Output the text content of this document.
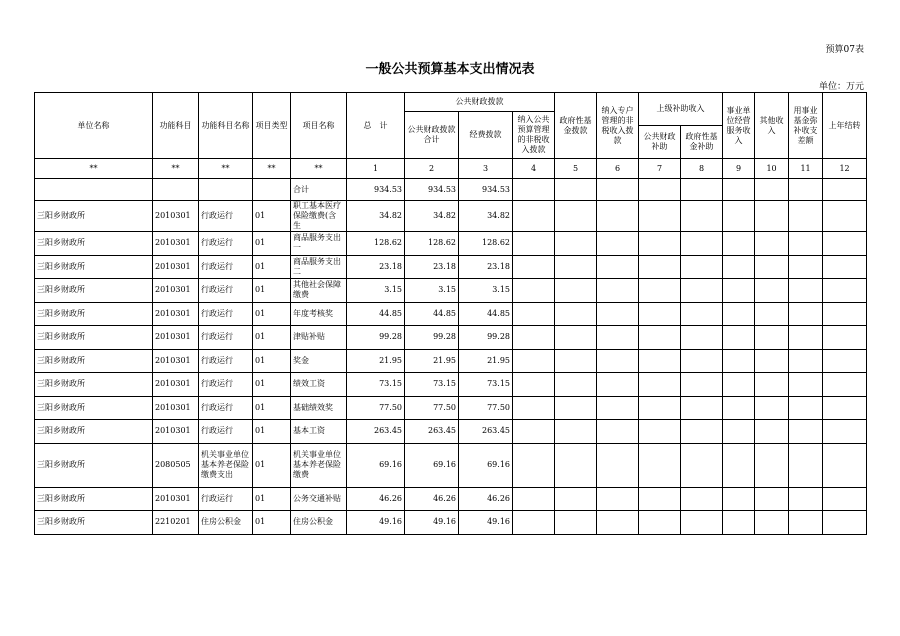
预算07表
一般公共预算基本支出情况表
单位：万元
单位名称	功能科目	功能科目名称	项目类型	项目名称	总　计	公共财政拨款			政府性基金拨款	纳入专户管理的非税收入拨款	上级补助收入		事业单位经营服务收入	其他收入	用事业基金弥补收支差额	上年结转
						公共财政拨款合计	经费拨款	纳入公共预算管理的非税收入拨款								
											公共财政补助	政府性基金补助				
**	**	**	**	**	1	2	3	4	5	6	7	8	9	10	11	12
				合计	934.53	934.53	934.53									
三阳乡财政所	2010301	行政运行	01	职工基本医疗保险缴费(含生	34.82	34.82	34.82									
三阳乡财政所	2010301	行政运行	01	商品服务支出一	128.62	128.62	128.62									
三阳乡财政所	2010301	行政运行	01	商品服务支出二	23.18	23.18	23.18									
三阳乡财政所	2010301	行政运行	01	其他社会保障缴费	3.15	3.15	3.15									
三阳乡财政所	2010301	行政运行	01	年度考核奖	44.85	44.85	44.85									
三阳乡财政所	2010301	行政运行	01	津贴补贴	99.28	99.28	99.28									
三阳乡财政所	2010301	行政运行	01	奖金	21.95	21.95	21.95									
三阳乡财政所	2010301	行政运行	01	绩效工资	73.15	73.15	73.15									
三阳乡财政所	2010301	行政运行	01	基础绩效奖	77.50	77.50	77.50									
三阳乡财政所	2010301	行政运行	01	基本工资	263.45	263.45	263.45									
三阳乡财政所	2080505	机关事业单位基本养老保险缴费支出	01	机关事业单位基本养老保险缴费	69.16	69.16	69.16									
三阳乡财政所	2010301	行政运行	01	公务交通补贴	46.26	46.26	46.26									
三阳乡财政所	2210201	住房公积金	01	住房公积金	49.16	49.16	49.16									
